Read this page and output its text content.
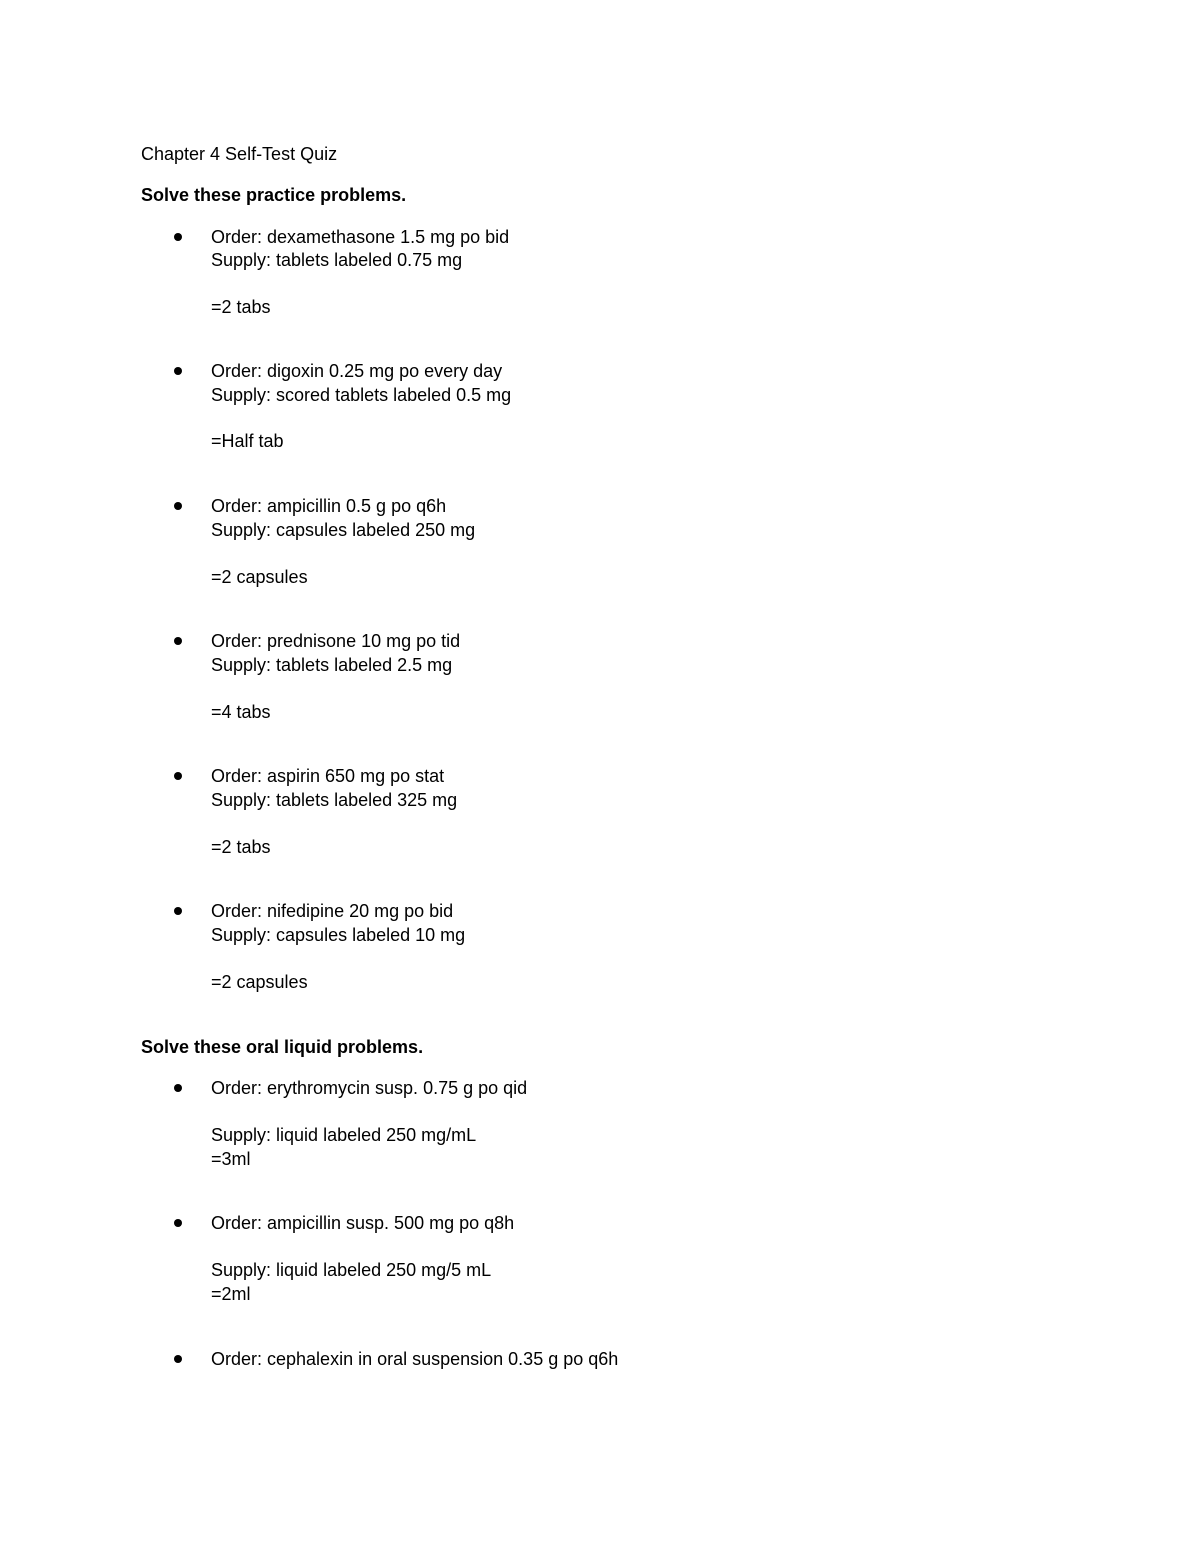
Chapter 4 Self-Test Quiz
Solve these practice problems.
Order: dexamethasone 1.5 mg po bid
Supply: tablets labeled 0.75 mg
=2 tabs
Order: digoxin 0.25 mg po every day
Supply: scored tablets labeled 0.5 mg
=Half tab
Order: ampicillin 0.5 g po q6h
Supply: capsules labeled 250 mg
=2 capsules
Order: prednisone 10 mg po tid
Supply: tablets labeled 2.5 mg
=4 tabs
Order: aspirin 650 mg po stat
Supply: tablets labeled 325 mg
=2 tabs
Order: nifedipine 20 mg po bid
Supply: capsules labeled 10 mg
=2 capsules
Solve these oral liquid problems.
Order: erythromycin susp. 0.75 g po qid
Supply: liquid labeled 250 mg/mL
=3ml
Order: ampicillin susp. 500 mg po q8h
Supply: liquid labeled 250 mg/5 mL
=2ml
Order: cephalexin in oral suspension 0.35 g po q6h
